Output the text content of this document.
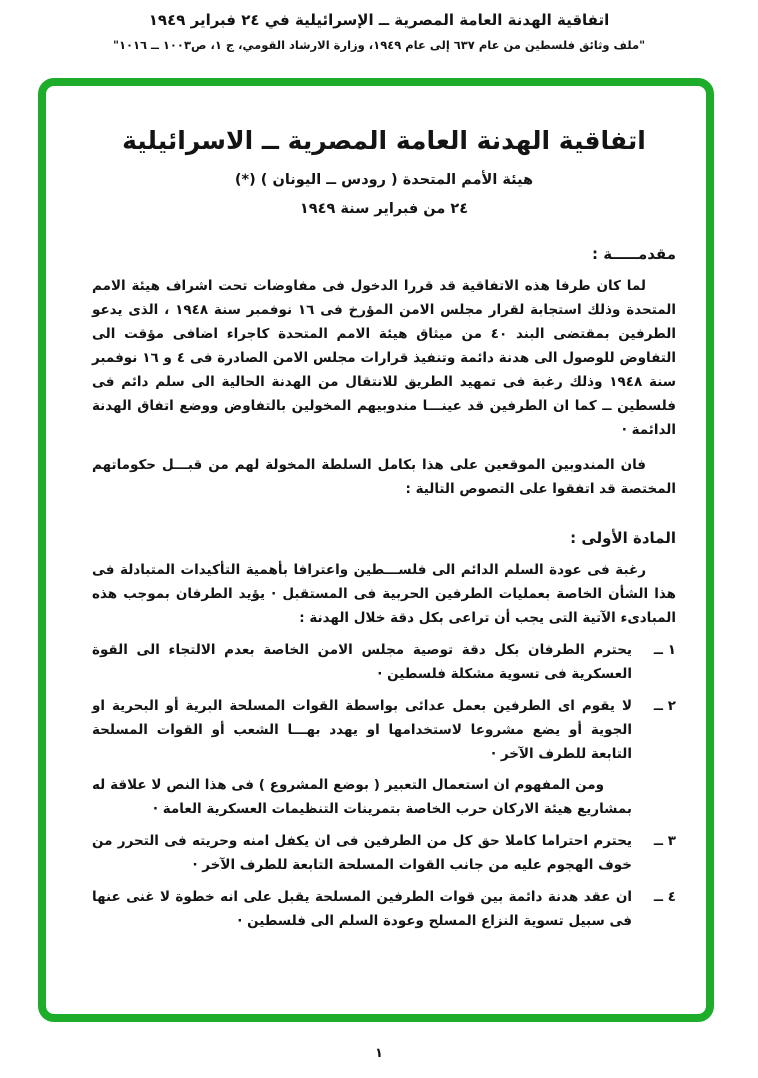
اتفاقية الهدنة العامة المصرية ــ الإسرائيلية في ٢٤ فبراير ١٩٤٩
"ملف وثائق فلسطين من عام ٦٣٧ إلى عام ١٩٤٩، وزارة الارشاد القومي، ج ١، ص١٠٠٣ ــ ١٠١٦"
اتفاقية الهدنة العامة المصرية ــ الاسرائيلية
هيئة الأمم المتحدة ( رودس ــ اليونان ) (*)
٢٤ من فبراير سنة ١٩٤٩
مقدمـــــة :

لما كان طرفا هذه الاتفاقية قد قررا الدخول فى مفاوضات تحت اشراف هيئة الامم المتحدة وذلك استجابة لقرار مجلس الامن المؤرخ فى ١٦ نوفمبر سنة ١٩٤٨ ، الذى يدعو الطرفين بمقتضى البند ٤٠ من ميثاق هيئة الامم المتحدة كاجراء اضافى مؤقت الى التفاوض للوصول الى هدنة دائمة وتنفيذ قرارات مجلس الامن الصادرة فى ٤ و ١٦ نوفمبر سنة ١٩٤٨ وذلك رغبة فى تمهيد الطريق للانتقال من الهدنة الحالية الى سلم دائم فى فلسطين ــ كما ان الطرفين قد عينـــا مندوبيهم المخولين بالتفاوض ووضع اتفاق الهدنة الدائمة ·

فان المندوبين الموقعين على هذا بكامل السلطة المخولة لهم من قبـــل حكوماتهم المختصة قد اتفقوا على التصوص التالية :

المادة الأولى :

رغبة فى عودة السلم الدائم الى فلســـطين واعترافا بأهمية التأكيدات المتبادلة فى هذا الشأن الخاصة بعمليات الطرفين الحربية فى المستقبل · يؤيد الطرفان بموجب هذه المبادىء الآتية التى يجب أن تراعى بكل دقة خلال الهدنة :

١ ــ

يحترم الطرفان بكل دقة توصية مجلس الامن الخاصة بعدم الالتجاء الى القوة العسكرية فى تسوية مشكلة فلسطين ·

٢ ــ

لا يقوم اى الطرفين بعمل عدائى بواسطة القوات المسلحة البرية أو البحرية او الجوية أو يضع مشروعا لاستخدامها او يهدد بهـــا الشعب أو القوات المسلحة التابعة للطرف الآخر ·

ومن المفهوم ان استعمال التعبير ( بوضع المشروع ) فى هذا النص لا علاقة له بمشاريع هيئة الاركان حرب الخاصة بتمرينات التنظيمات العسكرية العامة ·

٣ ــ

يحترم احتراما كاملا حق كل من الطرفين فى ان يكفل امنه وحريته فى التحرر من خوف الهجوم عليه من جانب القوات المسلحة التابعة للطرف الآخر ·

٤ ــ

ان عقد هدنة دائمة بين قوات الطرفين المسلحة يقبل على انه خطوة لا غنى عنها فى سبيل تسوية النزاع المسلح وعودة السلم الى فلسطين ·

١
